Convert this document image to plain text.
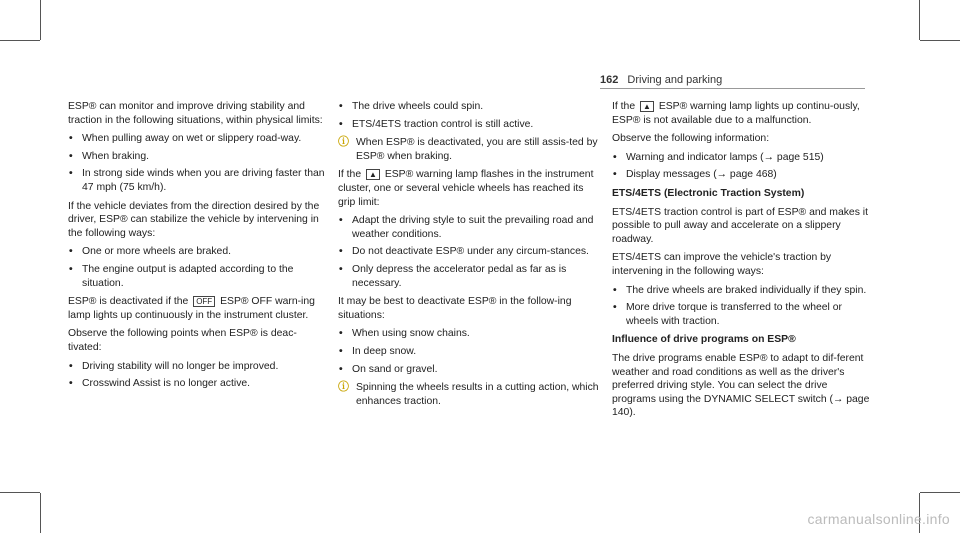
162 Driving and parking

ESP® can monitor and improve driving stability and traction in the following situations, within physical limits:

• When pulling away on wet or slippery road-way.
• When braking.
• In strong side winds when you are driving faster than 47 mph (75 km/h).

If the vehicle deviates from the direction desired by the driver, ESP® can stabilize the vehicle by intervening in the following ways:

• One or more wheels are braked.
• The engine output is adapted according to the situation.

ESP® is deactivated if the OFF ESP® OFF warn-ing lamp lights up continuously in the instrument cluster.

Observe the following points when ESP® is deac-tivated:

• Driving stability will no longer be improved.
• Crosswind Assist is no longer active.
• The drive wheels could spin.
• ETS/4ETS traction control is still active.
ⓘ When ESP® is deactivated, you are still assis-ted by ESP® when braking.

If the ▲ ESP® warning lamp flashes in the instrument cluster, one or several vehicle wheels has reached its grip limit:

• Adapt the driving style to suit the prevailing road and weather conditions.
• Do not deactivate ESP® under any circum-stances.
• Only depress the accelerator pedal as far as is necessary.

It may be best to deactivate ESP® in the follow-ing situations:

• When using snow chains.
• In deep snow.
• On sand or gravel.
ⓘ Spinning the wheels results in a cutting action, which enhances traction.

If the ▲ ESP® warning lamp lights up continu-ously, ESP® is not available due to a malfunction.

Observe the following information:

• Warning and indicator lamps (→ page 515)
• Display messages (→ page 468)

ETS/4ETS (Electronic Traction System)

ETS/4ETS traction control is part of ESP® and makes it possible to pull away and accelerate on a slippery roadway.

ETS/4ETS can improve the vehicle's traction by intervening in the following ways:

• The drive wheels are braked individually if they spin.
• More drive torque is transferred to the wheel or wheels with traction.

Influence of drive programs on ESP®

The drive programs enable ESP® to adapt to dif-ferent weather and road conditions as well as the driver's preferred driving style. You can select the drive programs using the DYNAMIC SELECT switch (→ page 140).

carmanualsonline.info
